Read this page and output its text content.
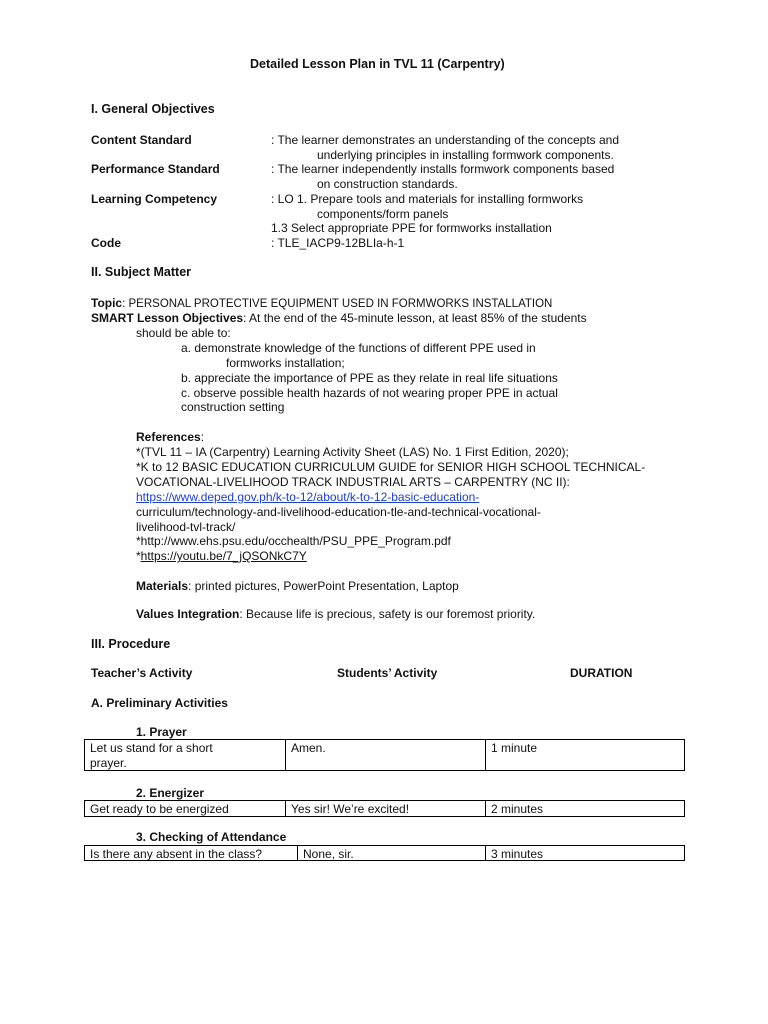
Detailed Lesson Plan in TVL 11 (Carpentry)
I. General Objectives
Content Standard	: The learner demonstrates an understanding of the concepts and
underlying principles in installing formwork components.
Performance Standard	: The learner independently installs formwork components based
on construction standards.
Learning Competency	: LO 1. Prepare tools and materials for installing formworks
components/form panels
1.3 Select appropriate PPE for formworks installation
Code	: TLE_IACP9-12BLIa-h-1
II. Subject Matter
Topic: PERSONAL PROTECTIVE EQUIPMENT USED IN FORMWORKS INSTALLATION
SMART Lesson Objectives: At the end of the 45-minute lesson, at least 85% of the students
should be able to:
a. demonstrate knowledge of the functions of different PPE used in
formworks installation;
b. appreciate the importance of PPE as they relate in real life situations
c. observe possible health hazards of not wearing proper PPE in actual
construction setting
References:
*(TVL 11 – IA (Carpentry) Learning Activity Sheet (LAS) No. 1 First Edition, 2020);
*K to 12 BASIC EDUCATION CURRICULUM GUIDE for SENIOR HIGH SCHOOL TECHNICAL-
VOCATIONAL-LIVELIHOOD TRACK INDUSTRIAL ARTS – CARPENTRY (NC II):
https://www.deped.gov.ph/k-to-12/about/k-to-12-basic-education-
curriculum/technology-and-livelihood-education-tle-and-technical-vocational-
livelihood-tvl-track/
*http://www.ehs.psu.edu/occhealth/PSU_PPE_Program.pdf
*https://youtu.be/7_jQSONkC7Y
Materials: printed pictures, PowerPoint Presentation, Laptop
Values Integration: Because life is precious, safety is our foremost priority.
III. Procedure
Teacher’s Activity	Students’ Activity	DURATION
A. Preliminary Activities
1. Prayer
Let us stand for a short
prayer.
Amen.	1 minute
2. Energizer
Get ready to be energized	Yes sir! We’re excited!	2 minutes
3. Checking of Attendance
Is there any absent in the class?	None, sir.	3 minutes
